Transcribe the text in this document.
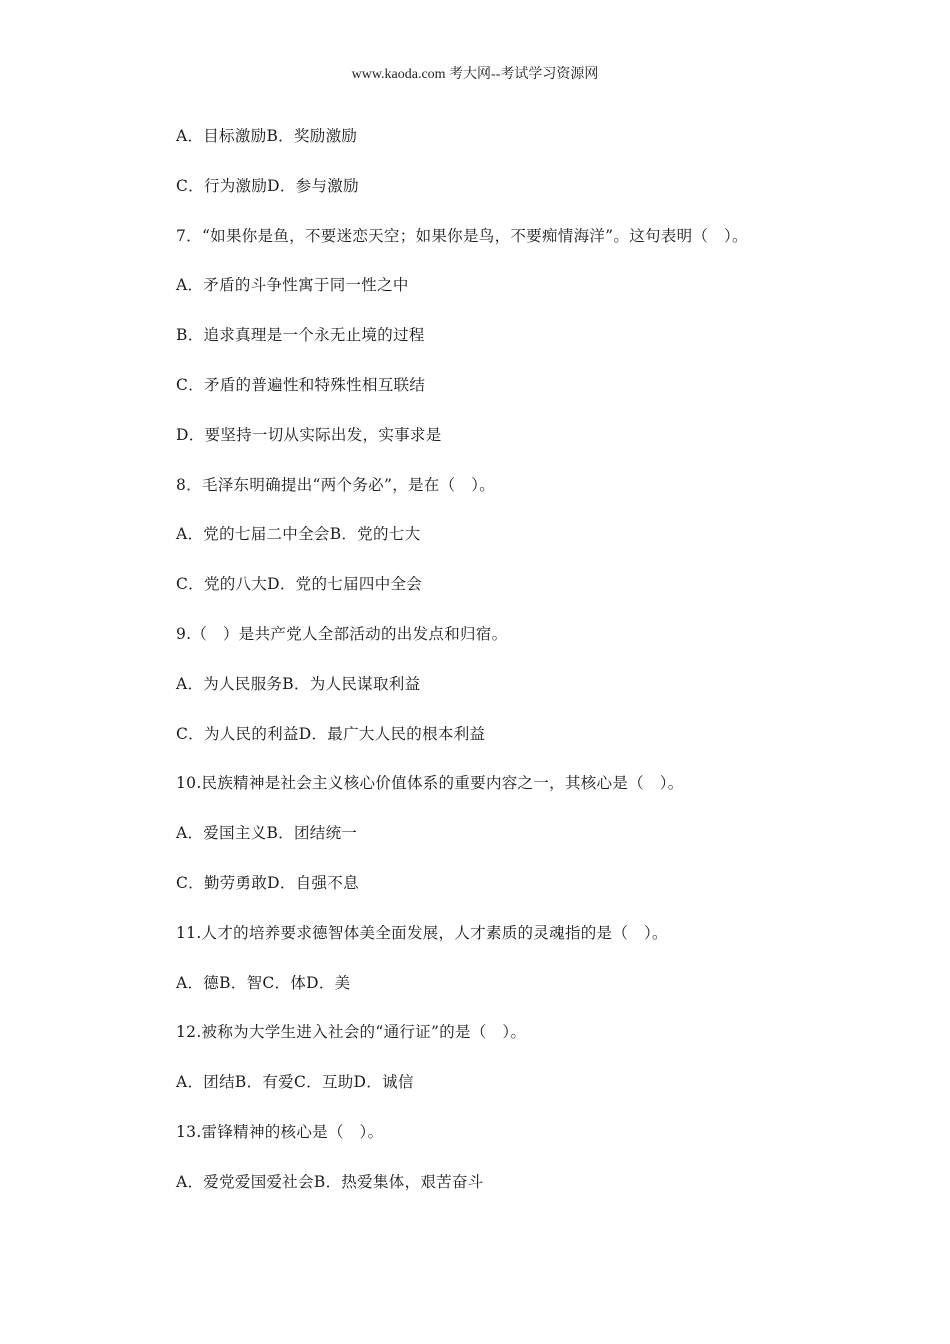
www.kaoda.com 考大网--考试学习资源网
A．目标激励B．奖励激励
C．行为激励D．参与激励
7．“如果你是鱼，不要迷恋天空；如果你是鸟，不要痴情海洋”。这句表明（　）。
A．矛盾的斗争性寓于同一性之中
B．追求真理是一个永无止境的过程
C．矛盾的普遍性和特殊性相互联结
D．要坚持一切从实际出发，实事求是
8．毛泽东明确提出“两个务必”，是在（　）。
A．党的七届二中全会B．党的七大
C．党的八大D．党的七届四中全会
9.（　）是共产党人全部活动的出发点和归宿。
A．为人民服务B．为人民谋取利益
C．为人民的利益D．最广大人民的根本利益
10.民族精神是社会主义核心价值体系的重要内容之一，其核心是（　）。
A．爱国主义B．团结统一
C．勤劳勇敢D．自强不息
11.人才的培养要求德智体美全面发展，人才素质的灵魂指的是（　）。
A．德B．智C．体D．美
12.被称为大学生进入社会的“通行证”的是（　）。
A．团结B．有爱C．互助D．诚信
13.雷锋精神的核心是（　）。
A．爱党爱国爱社会B．热爱集体，艰苦奋斗
